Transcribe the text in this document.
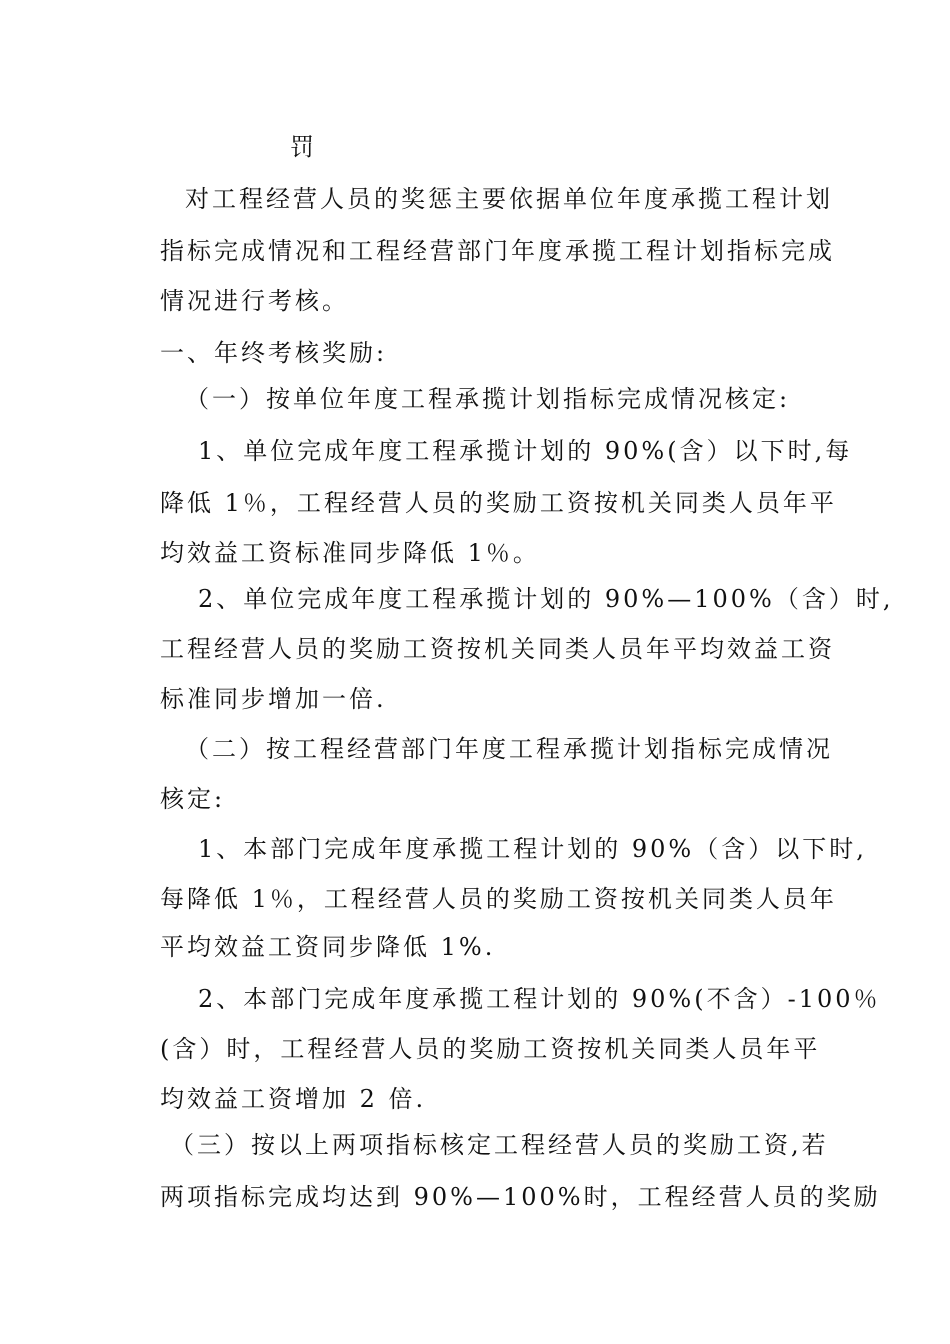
罚
对工程经营人员的奖惩主要依据单位年度承揽工程计划
指标完成情况和工程经营部门年度承揽工程计划指标完成
情况进行考核。
一、年终考核奖励:
（一）按单位年度工程承揽计划指标完成情况核定:
1、单位完成年度工程承揽计划的 90%(含）以下时,每
降低 1％，工程经营人员的奖励工资按机关同类人员年平
均效益工资标准同步降低 1％。
2、单位完成年度工程承揽计划的 90%—100%（含）时,
工程经营人员的奖励工资按机关同类人员年平均效益工资
标准同步增加一倍.
（二）按工程经营部门年度工程承揽计划指标完成情况
核定:
1、本部门完成年度承揽工程计划的 90%（含）以下时,
每降低 1％，工程经营人员的奖励工资按机关同类人员年
平均效益工资同步降低 1%.
2、本部门完成年度承揽工程计划的 90%(不含）-100％
(含）时，工程经营人员的奖励工资按机关同类人员年平
均效益工资增加 2 倍.
（三）按以上两项指标核定工程经营人员的奖励工资,若
两项指标完成均达到 90%—100%时，工程经营人员的奖励
